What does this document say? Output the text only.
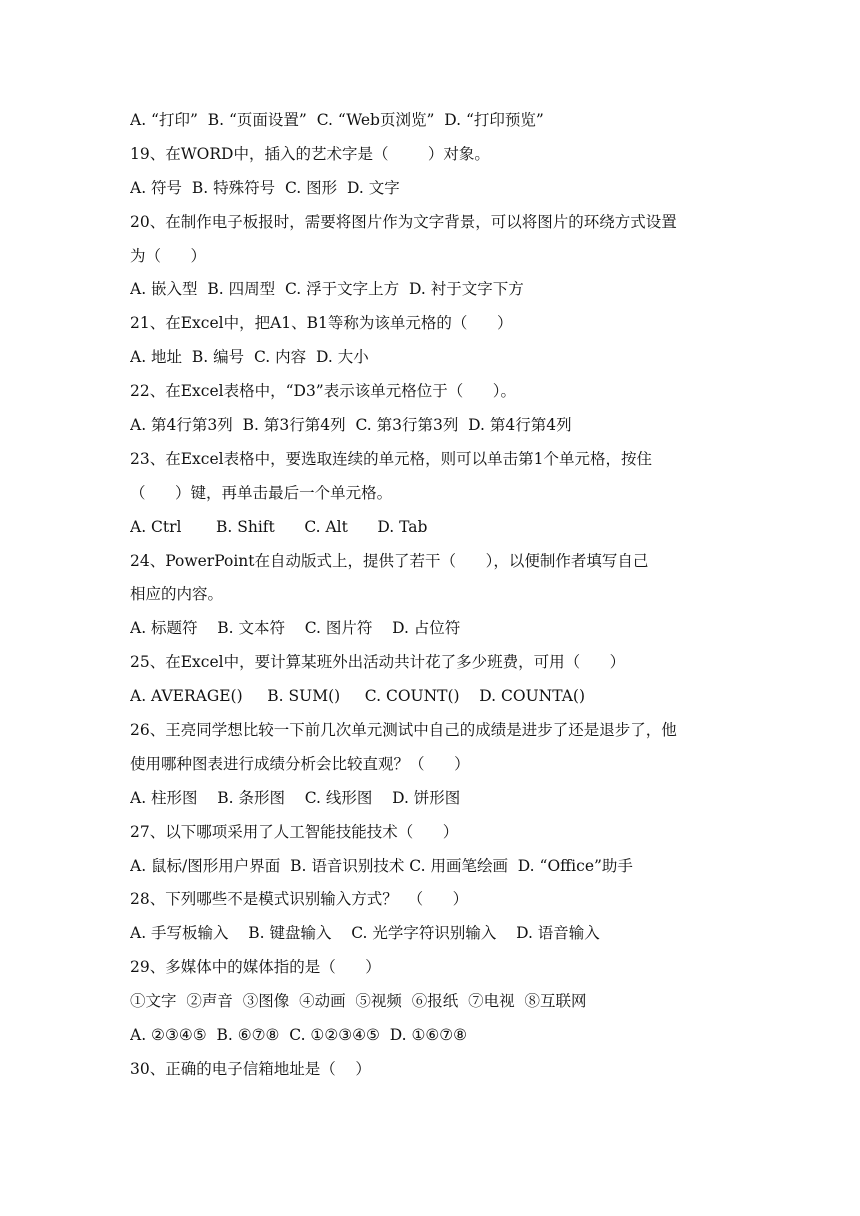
A. “打印”  B. “页面设置”  C. “Web页浏览”  D. “打印预览”
19、在WORD中，插入的艺术字是（        ）对象。
A. 符号  B. 特殊符号  C. 图形  D. 文字
20、在制作电子板报时，需要将图片作为文字背景，可以将图片的环绕方式设置
为（      ）
A. 嵌入型  B. 四周型  C. 浮于文字上方  D. 衬于文字下方
21、在Excel中，把A1、B1等称为该单元格的（      ）
A. 地址  B. 编号  C. 内容  D. 大小
22、在Excel表格中，“D3”表示该单元格位于（      ）。
A. 第4行第3列  B. 第3行第4列  C. 第3行第3列  D. 第4行第4列
23、在Excel表格中，要选取连续的单元格，则可以单击第1个单元格，按住
（      ）键，再单击最后一个单元格。
A. Ctrl       B. Shift      C. Alt      D. Tab
24、PowerPoint在自动版式上，提供了若干（      ），以便制作者填写自己
相应的内容。
A. 标题符    B. 文本符    C. 图片符    D. 占位符
25、在Excel中，要计算某班外出活动共计花了多少班费，可用（      ）
A. AVERAGE()     B. SUM()     C. COUNT()    D. COUNTA()
26、王亮同学想比较一下前几次单元测试中自己的成绩是进步了还是退步了，他
使用哪种图表进行成绩分析会比较直观？（      ）
A. 柱形图    B. 条形图    C. 线形图    D. 饼形图
27、以下哪项采用了人工智能技能技术（      ）
A. 鼠标/图形用户界面  B. 语音识别技术 C. 用画笔绘画  D. “Office”助手
28、下列哪些不是模式识别输入方式？  （      ）
A. 手写板输入    B. 键盘输入    C. 光学字符识别输入    D. 语音输入
29、多媒体中的媒体指的是（      ）
①文字  ②声音  ③图像  ④动画  ⑤视频  ⑥报纸  ⑦电视  ⑧互联网
A. ②③④⑤  B. ⑥⑦⑧  C. ①②③④⑤  D. ①⑥⑦⑧
30、正确的电子信箱地址是（    ）
